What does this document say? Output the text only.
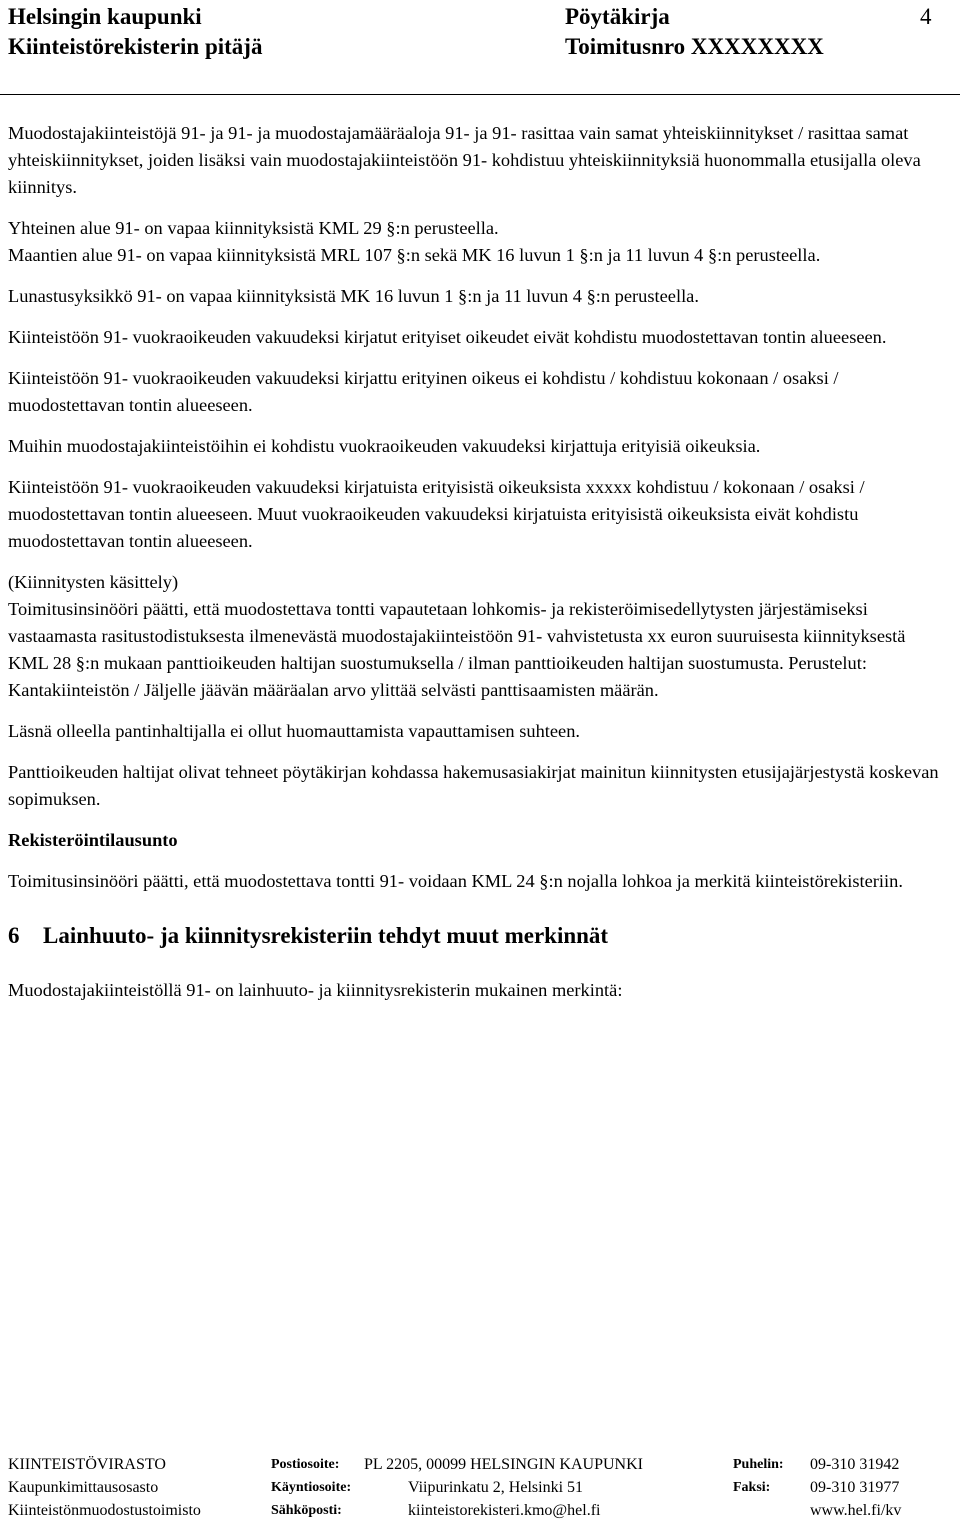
Helsingin kaupunki
Kiinteistörekisterin pitäjä
Pöytäkirja
Toimitusnro XXXXXXXX
4

Muodostajakiinteistöjä 91- ja 91- ja muodostajamääräaloja 91- ja 91- rasittaa vain samat yhteiskiinnitykset / rasittaa samat yhteiskiinnitykset, joiden lisäksi vain muodostajakiinteistöön 91- kohdistuu yhteiskiinnityksiä huonommalla etusijalla oleva kiinnitys.

Yhteinen alue 91- on vapaa kiinnityksistä KML 29 §:n perusteella.

Maantien alue 91- on vapaa kiinnityksistä MRL 107 §:n sekä MK 16 luvun 1 §:n ja 11 luvun 4 §:n perusteella.

Lunastusyksikkö 91- on vapaa kiinnityksistä MK 16 luvun 1 §:n ja 11 luvun 4 §:n perusteella.

Kiinteistöön 91- vuokraoikeuden vakuudeksi kirjatut erityiset oikeudet eivät kohdistu muodostettavan tontin alueeseen.

Kiinteistöön 91- vuokraoikeuden vakuudeksi kirjattu erityinen oikeus ei kohdistu / kohdistuu kokonaan / osaksi / muodostettavan tontin alueeseen.

Muihin muodostajakiinteistöihin ei kohdistu vuokraoikeuden vakuudeksi kirjattuja erityisiä oikeuksia.

Kiinteistöön 91- vuokraoikeuden vakuudeksi kirjatuista erityisistä oikeuksista xxxxx kohdistuu / kokonaan / osaksi / muodostettavan tontin alueeseen. Muut vuokraoikeuden vakuudeksi kirjatuista erityisistä oikeuksista eivät kohdistu muodostettavan tontin alueeseen.

(Kiinnitysten käsittely)

Toimitusinsinööri päätti, että muodostettava tontti vapautetaan lohkomis- ja rekisteröimisedellytysten järjestämiseksi vastaamasta rasitustodistuksesta ilmenevästä muodostajakiinteistöön 91- vahvistetusta xx euron suuruisesta kiinnityksestä KML 28 §:n mukaan panttioikeuden haltijan suostumuksella / ilman panttioikeuden haltijan suostumusta. Perustelut: Kantakiinteistön / Jäljelle jäävän määräalan arvo ylittää selvästi panttisaamisten määrän.

Läsnä olleella pantinhaltijalla ei ollut huomauttamista vapauttamisen suhteen.

Panttioikeuden haltijat olivat tehneet pöytäkirjan kohdassa hakemusasiakirjat mainitun kiinnitysten etusijajärjestystä koskevan sopimuksen.

Rekisteröintilausunto

Toimitusinsinööri päätti, että muodostettava tontti 91- voidaan KML 24 §:n nojalla lohkoa ja merkitä kiinteistörekisteriin.

6 Lainhuuto- ja kiinnitysrekisteriin tehdyt muut merkinnät

Muodostajakiinteistöllä 91- on lainhuuto- ja kiinnitysrekisterin mukainen merkintä:

KIINTEISTÖVIRASTO	Postiosoite: PL 2205, 00099 HELSINGIN KAUPUNKI	Puhelin: 09-310 31942
Kaupunkimittausosasto	Käyntiosoite:	Viipurinkatu 2, Helsinki 51	Faksi: 09-310 31977
Kiinteistönmuodostustoimisto	Sähköposti:	kiinteistorekisteri.kmo@hel.fi	www.hel.fi/kv
